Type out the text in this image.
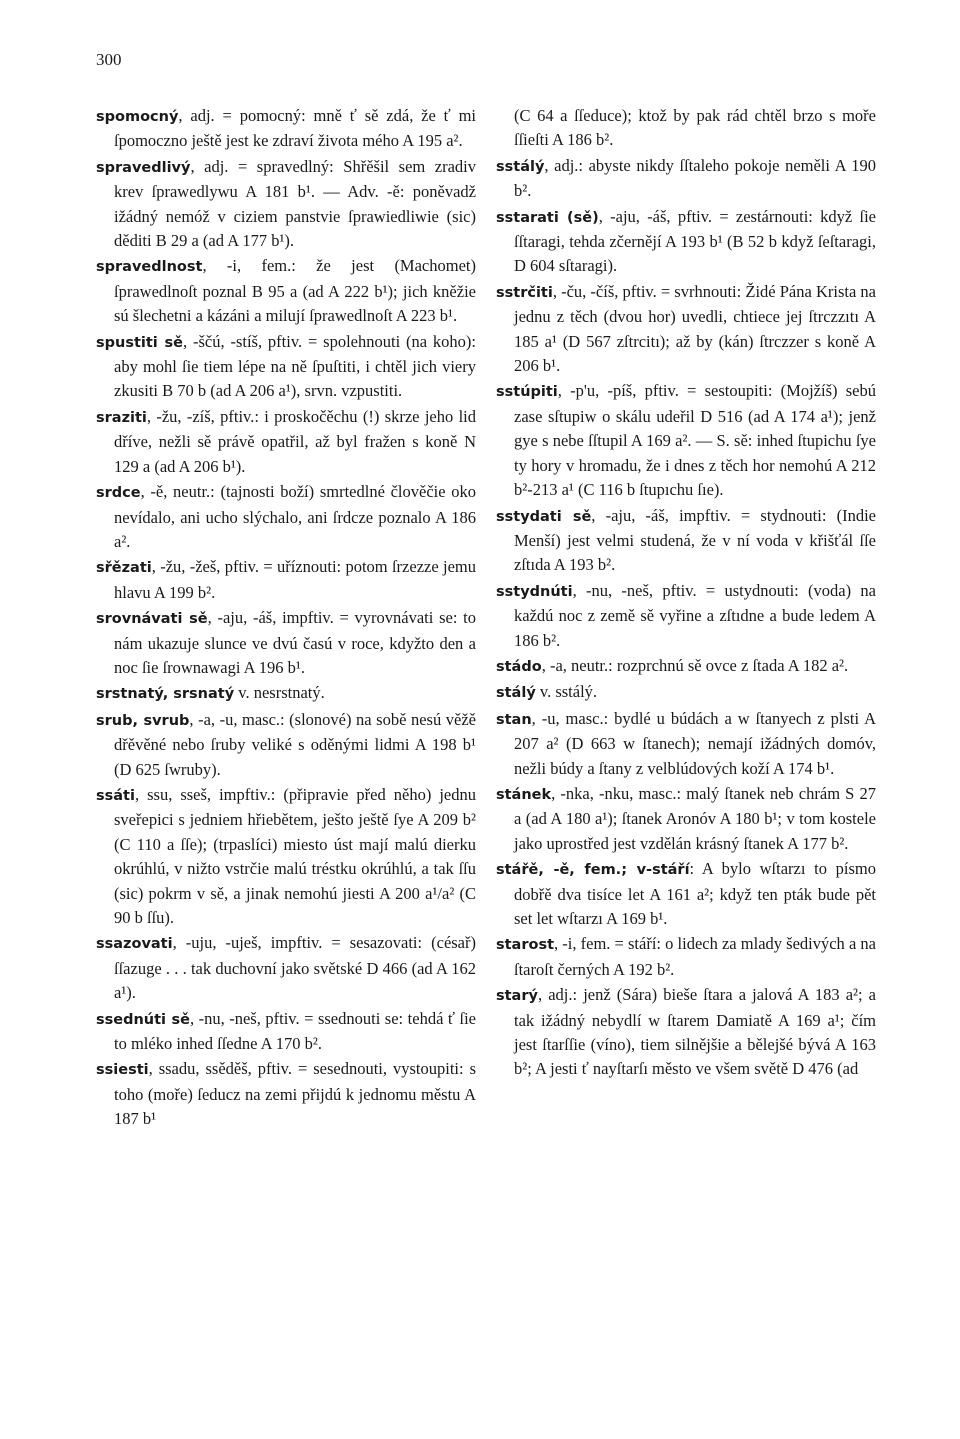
300

spomocný, adj. = pomocný: mně ť sě zdá, že ť mi ſpomoczno ještě jest ke zdraví života mého A 195 a².

spravedlivý, adj. = spravedlný: Shřěšil sem zradiv krev ſprawedlywu A 181 b¹. — Adv. -ě: poněvadž ižádný nemóž v ciziem panstvie ſprawiedliwie (sic) děditi B 29 a (ad A 177 b¹).

spravedlnost, -i, fem.: že jest (Machomet) ſprawedlnoſt poznal B 95 a (ad A 222 b¹); jich kněžie sú šlechetni a kázáni a milují ſprawedlnoſt A 223 b¹.

spustiti sě, -ščú, -stíš, pftiv. = spolehnouti (na koho): aby mohl ſie tiem lépe na ně ſpuſtiti, i chtěl jich viery zkusiti B 70 b (ad A 206 a¹), srvn. vzpustiti.

sraziti, -žu, -zíš, pftiv.: i proskočěchu (!) skrze jeho lid dříve, nežli sě právě opatřil, až byl fražen s koně N 129 a (ad A 206 b¹).

srdce, -ě, neutr.: (tajnosti boží) smrtedlné člověčie oko nevídalo, ani ucho slýchalo, ani ſrdcze poznalo A 186 a².

sřězati, -žu, -žeš, pftiv. = uříznouti: potom ſrzezze jemu hlavu A 199 b².

srovnávati sě, -aju, -áš, impftiv. = vyrovnávati se: to nám ukazuje slunce ve dvú časú v roce, kdyžto den a noc ſie ſrownawagi A 196 b¹.

srstnatý, srsnatý v. nesrstnatý.

srub, svrub, -a, -u, masc.: (slonové) na sobě nesú věžě dřěvěné nebo ſruby veliké s oděnými lidmi A 198 b¹ (D 625 ſwruby).

ssáti, ssu, sseš, impftiv.: (připravie před něho) jednu sveřepici s jedniem hřiebětem, ješto ještě ſye A 209 b² (C 110 a ſſe); (trpaslíci) miesto úst mají malú dierku okrúhlú, v nižto vstrčie malú tréstku okrúhlú, a tak ſſu (sic) pokrm v sě, a jinak nemohú jiesti A 200 a¹/a² (C 90 b ſſu).

ssazovati, -uju, -uješ, impftiv. = sesazovati: (césař) ſſazuge . . . tak duchovní jako světské D 466 (ad A 162 a¹).

ssednúti sě, -nu, -neš, pftiv. = ssednouti se: tehdá ť ſie to mléko inhed ſſedne A 170 b².

ssiesti, ssadu, ssěděš, pftiv. = sesednouti, vystoupiti: s toho (moře) ſeducz na zemi přijdú k jednomu městu A 187 b¹

(C 64 a ſſeduce); ktož by pak rád chtěl brzo s moře ſſieſti A 186 b².

sstálý, adj.: abyste nikdy ſſtaleho pokoje neměli A 190 b².

sstarati (sě), -aju, -áš, pftiv. = zestárnouti: když ſie ſſtaragi, tehda zčernějí A 193 b¹ (B 52 b když ſeſtaragi, D 604 sſtaragi).

sstrčiti, -ču, -číš, pftiv. = svrhnouti: Židé Pána Krista na jednu z těch (dvou hor) uvedli, chtiece jej ſtrczzıtı A 185 a¹ (D 567 zſtrcitı); až by (kán) ſtrczzer s koně A 206 b¹.

sstúpiti, -p'u, -píš, pftiv. = sestoupiti: (Mojžíš) sebú zase sſtupiw o skálu udeřil D 516 (ad A 174 a¹); jenž gye s nebe ſſtupil A 169 a². — S. sě: inhed ſtupichu ſye ty hory v hromadu, že i dnes z těch hor nemohú A 212 b²-213 a¹ (C 116 b ſtupıchu ſıe).

sstydati sě, -aju, -áš, impftiv. = stydnouti: (Indie Menší) jest velmi studená, že v ní voda v křišťál ſſe zſtıda A 193 b².

sstydnúti, -nu, -neš, pftiv. = ustydnouti: (voda) na každú noc z země sě vyřine a zſtıdne a bude ledem A 186 b².

stádo, -a, neutr.: rozprchnú sě ovce z ſtada A 182 a².

stálý v. sstálý.

stan, -u, masc.: bydlé u búdách a w ſtanyech z plsti A 207 a² (D 663 w ſtanech); nemají ižádných domóv, nežli búdy a ſtany z velblúdových koží A 174 b¹.

stánek, -nka, -nku, masc.: malý ſtanek neb chrám S 27 a (ad A 180 a¹); ſtanek Aronóv A 180 b¹; v tom kostele jako uprostřed jest vzdělán krásný ſtanek A 177 b².

stářě, -ě, fem.; v-stáří: A bylo wſtarzı to písmo dobřě dva tisíce let A 161 a²; když ten pták bude pět set let wſtarzı A 169 b¹.

starost, -i, fem. = stáří: o lidech za mlady šedivých a na ſtaroſt černých A 192 b².

starý, adj.: jenž (Sára) bieše ſtara a jalová A 183 a²; a tak ižádný nebydlí w ſtarem Damiatě A 169 a¹; čím jest ſtarſſie (víno), tiem silnějšie a bělejšé bývá A 163 b²; A jesti ť nayſtarſı město ve všem světě D 476 (ad
